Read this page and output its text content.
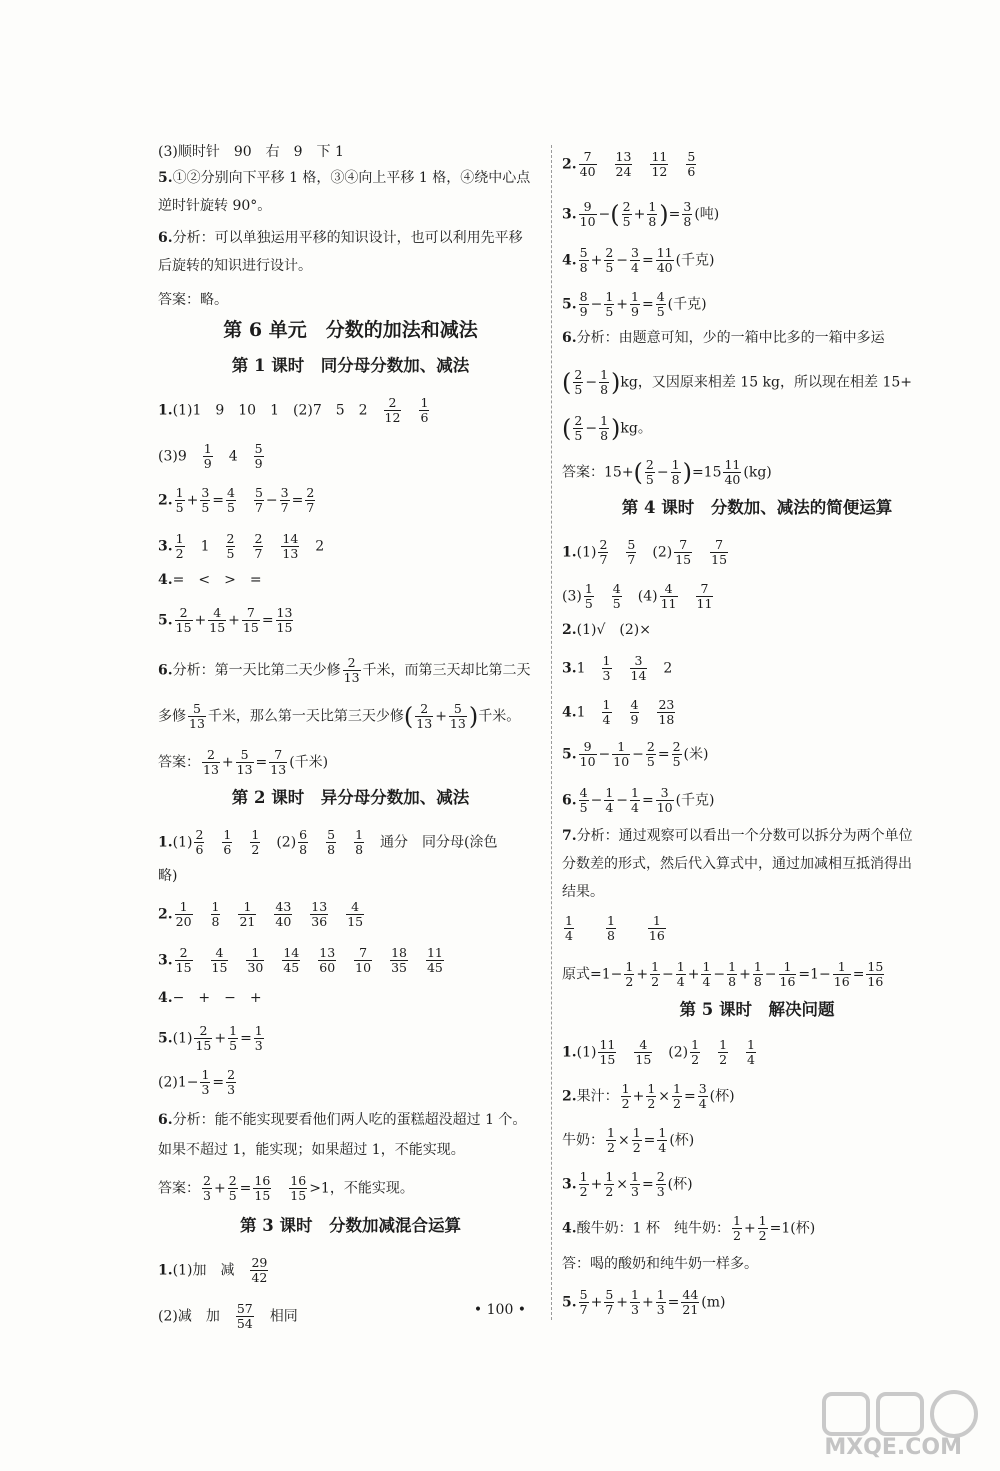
(3)顺时针　90　右　9　下 1
5.①②分别向下平移 1 格，③④向上平移 1 格，④绕中心点
逆时针旋转 90°。
6.分析：可以单独运用平移的知识设计，也可以利用先平移
后旋转的知识进行设计。
答案：略。
第 6 单元　分数的加法和减法
第 1 课时　同分母分数加、减法
1.(1)1　9　10　1　(2)7　5　2　 $\frac{2}{12}$
　 $\frac{1}{6}$
(3)9　 $\frac{1}{9}$ 　4　 $\frac{5}{9}$
2. $\frac{1}{5} + \frac{3}{5} = \frac{4}{5}$
　 $\frac{5}{7} - \frac{3}{7} = \frac{2}{7}$
3. $\frac{1}{2}$ 　1　 $\frac{2}{5}$
　 $\frac{2}{7}$
　 $\frac{14}{13}$ 　2
4.=　<　>　=
5. $\frac{2}{15} + \frac{4}{15} + \frac{7}{15} = \frac{13}{15}$
6.分析：第一天比第二天少修 $\frac{2}{13}$ 千米，而第三天却比第二天
多修 $\frac{5}{13}$ 千米，那么第一天比第三天少修( $\frac{2}{13} + \frac{5}{13}$ )千米。
答案： $\frac{2}{13} + \frac{5}{13} = \frac{7}{13}$ (千米)
第 2 课时　异分母分数加、减法
$1.(1) \frac{2}{6}$
　 $\frac{1}{6}$
　 $\frac{1}{2}$ 　$(2) \frac{6}{8}$
　 $\frac{5}{8}$
　 $\frac{1}{8}$ 　通分　同分母(涂色
略)
2. $\frac{1}{20}$
　 $\frac{1}{8}$
　 $\frac{1}{21}$
　 $\frac{43}{40}$
　 $\frac{13}{36}$
　 $\frac{4}{15}$
3. $\frac{2}{15}$
　 $\frac{4}{15}$
　 $\frac{1}{30}$
　 $\frac{14}{45}$
　 $\frac{13}{60}$
　 $\frac{7}{10}$
　 $\frac{18}{35}$
　 $\frac{11}{45}$
4.−　+　−　+
$5.(1) \frac{2}{15} + \frac{1}{5} = \frac{1}{3}$
$(2)1- \frac{1}{3} = \frac{2}{3}$
6.分析：能不能实现要看他们两人吃的蛋糕超没超过 1 个。
如果不超过 1，能实现；如果超过 1，不能实现。
答案： $\frac{2}{3} + \frac{2}{5} = \frac{16}{15}$
　 $\frac{16}{15} >1$，不能实现。
第 3 课时　分数加减混合运算
1.(1)加　减　 $\frac{29}{42}$
(2)减　加　 $\frac{57}{54}$ 　相同
2. $\frac{7}{40}$
　 $\frac{13}{24}$
　 $\frac{11}{12}$
　 $\frac{5}{6}$
3. $\frac{9}{10}$ −( $\frac{2}{5} + \frac{1}{8}$ )= $\frac{3}{8}$ (吨)
4. $\frac{5}{8} + \frac{2}{5} - \frac{3}{4} = \frac{11}{40}$ (千克)
5. $\frac{8}{9} - \frac{1}{5} + \frac{1}{9} = \frac{4}{5}$ (千克)
6.分析：由题意可知，少的一箱中比多的一箱中多运
( $\frac{2}{5} - \frac{1}{8} )kg$，又因原来相差 15 kg，所以现在相差 15+
( $\frac{2}{5} - \frac{1}{8} )kg$。
答案：$15+( \frac{2}{5} - \frac{1}{8} )=15 \frac{11}{40} (kg)$
第 4 课时　分数加、减法的简便运算
$1.(1) \frac{2}{7}$
　 $\frac{5}{7}$ 　$(2) \frac{7}{15}$
　 $\frac{7}{15}$
$(3) \frac{1}{5}$
　 $\frac{4}{5}$ 　$(4) \frac{4}{11}$
　 $\frac{7}{11}$
2.(1)√　(2)×
3.1　 $\frac{1}{3}$
　 $\frac{3}{14}$ 　2
4.1　 $\frac{1}{4}$
　 $\frac{4}{9}$
　 $\frac{23}{18}$
5. $\frac{9}{10} - \frac{1}{10} - \frac{2}{5} = \frac{2}{5}$ (米)
6. $\frac{4}{5} - \frac{1}{4} - \frac{1}{4} = \frac{3}{10}$ (千克)
7.分析：通过观察可以看出一个分数可以拆分为两个单位
分数差的形式，然后代入算式中，通过加减相互抵消得出
结果。
$\frac{1}{4}$
　　	$\frac{1}{8}$
　　	$\frac{1}{16}$
原式$=1- \frac{1}{2} + \frac{1}{2} - \frac{1}{4} + \frac{1}{4} - \frac{1}{8} + \frac{1}{8} - \frac{1}{16} =1- \frac{1}{16} = \frac{15}{16}$
第 5 课时　解决问题
$1.(1) \frac{11}{15}$
　 $\frac{4}{15}$ 　$(2) \frac{1}{2}$
　 $\frac{1}{2}$
　 $\frac{1}{4}$
2.果汁： $\frac{1}{2} + \frac{1}{2} \times \frac{1}{2} = \frac{3}{4}$ (杯)
牛奶： $\frac{1}{2} \times \frac{1}{2} = \frac{1}{4}$ (杯)
3. $\frac{1}{2} + \frac{1}{2} \times \frac{1}{3} = \frac{2}{3}$ (杯)
4.酸牛奶：1 杯　纯牛奶： $\frac{1}{2} + \frac{1}{2} =1$(杯)
答：喝的酸奶和纯牛奶一样多。
5. $\frac{5}{7} + \frac{5}{7} + \frac{1}{3} + \frac{1}{3} = \frac{44}{21} (m)$
• 100 •
MXQE.COM
